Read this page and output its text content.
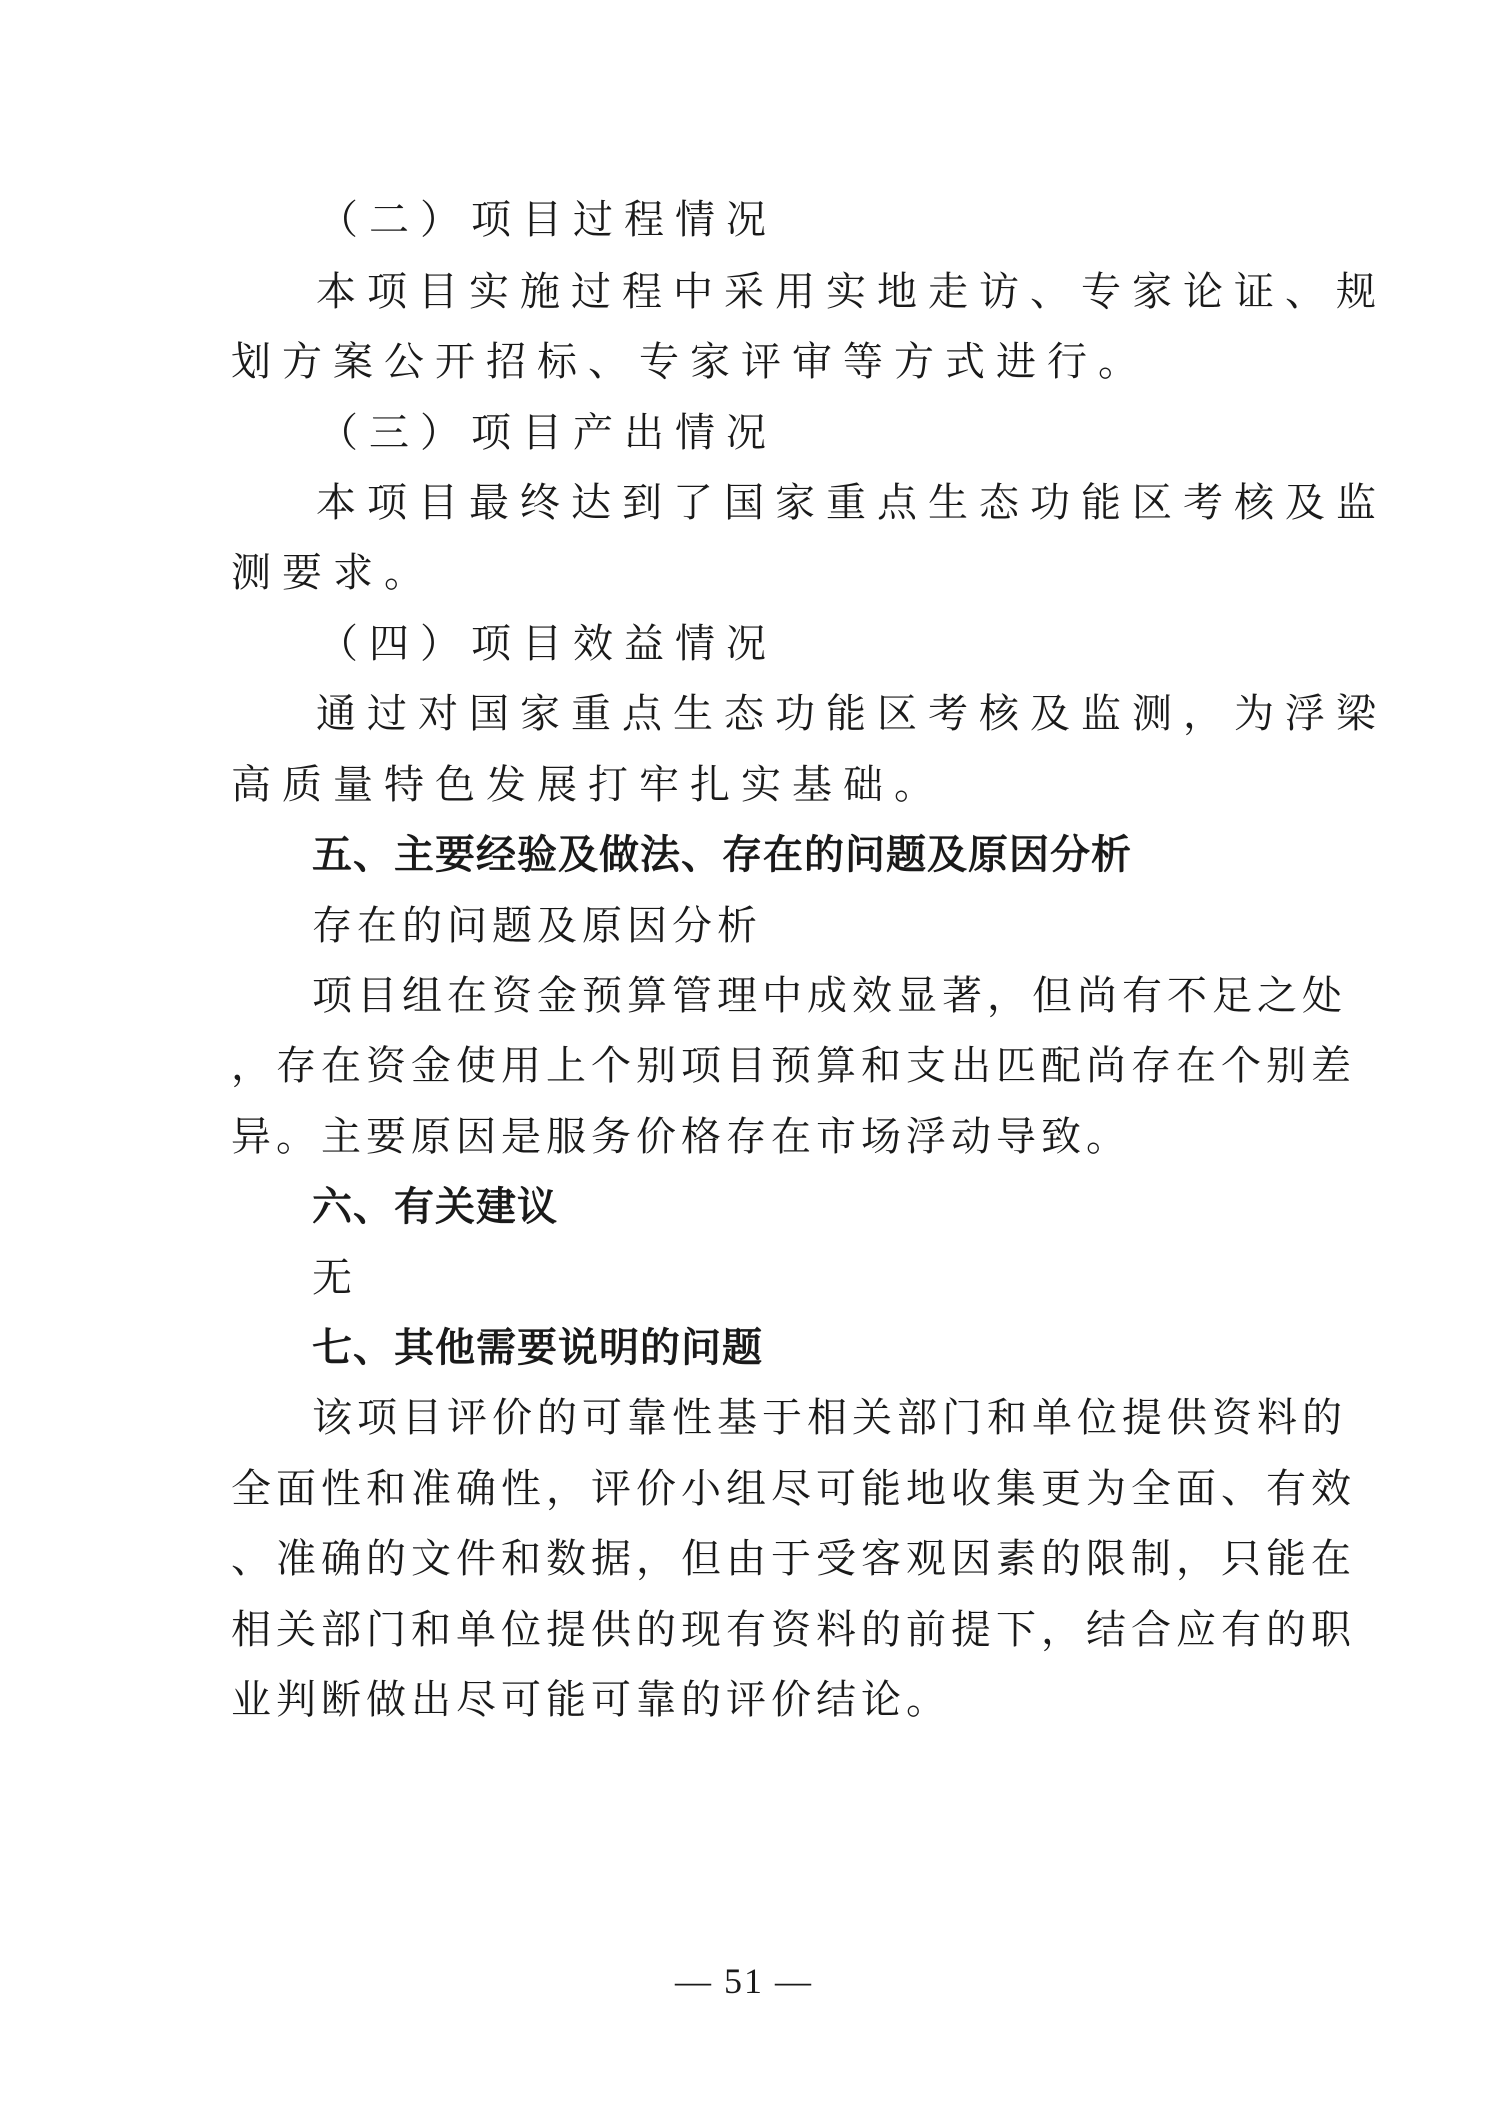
（二）项目过程情况
本项目实施过程中采用实地走访、专家论证、规
划方案公开招标、专家评审等方式进行。
（三）项目产出情况
本项目最终达到了国家重点生态功能区考核及监
测要求。
（四）项目效益情况
通过对国家重点生态功能区考核及监测，为浮梁
高质量特色发展打牢扎实基础。
五、主要经验及做法、存在的问题及原因分析
存在的问题及原因分析
项目组在资金预算管理中成效显著，但尚有不足之处
，存在资金使用上个别项目预算和支出匹配尚存在个别差
异。主要原因是服务价格存在市场浮动导致。
六、有关建议
无
七、其他需要说明的问题
该项目评价的可靠性基于相关部门和单位提供资料的
全面性和准确性，评价小组尽可能地收集更为全面、有效
、准确的文件和数据，但由于受客观因素的限制，只能在
相关部门和单位提供的现有资料的前提下，结合应有的职
业判断做出尽可能可靠的评价结论。
— 51 —
